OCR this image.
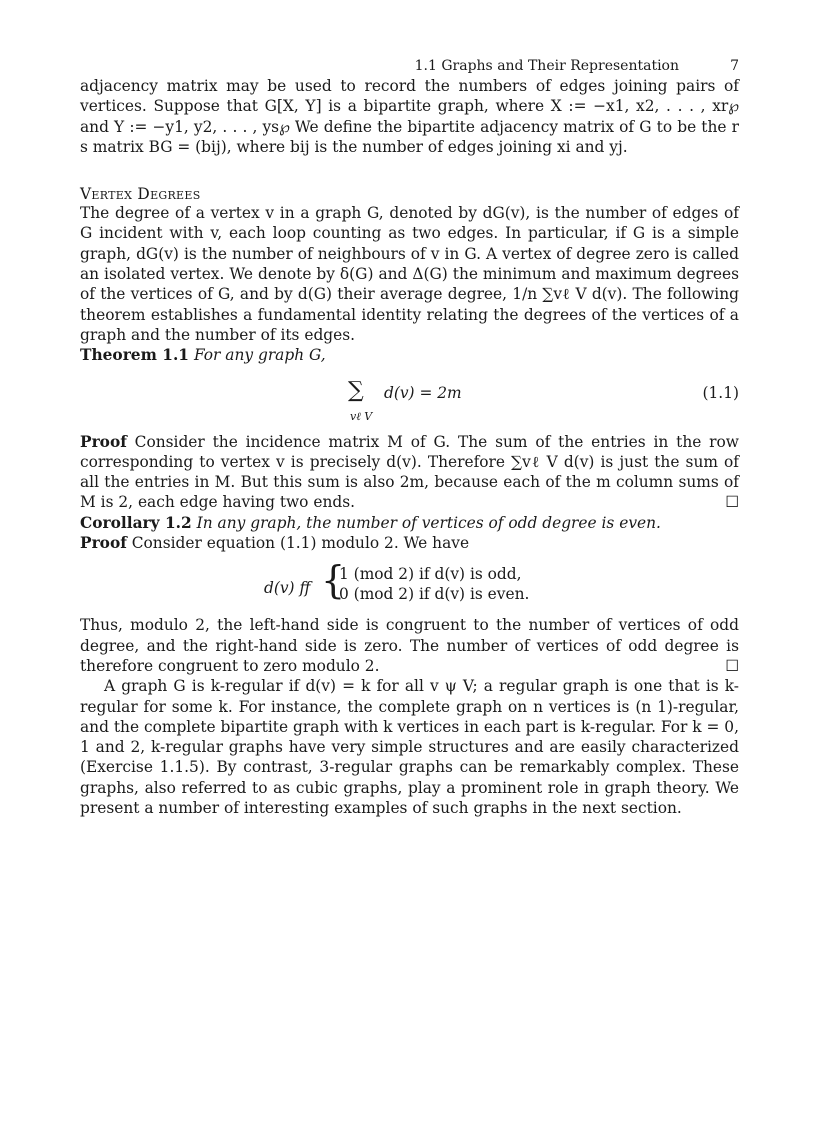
1.1 Graphs and Their Representation	7

adjacency matrix may be used to record the numbers of edges joining pairs of vertices. Suppose that G[X, Y] is a bipartite graph, where X := −x1, x2, . . . , xr℘ and Y := −y1, y2, . . . , ys℘ We define the bipartite adjacency matrix of G to be the r s matrix BG = (bij), where bij is the number of edges joining xi and yj.

Vertex Degrees

The degree of a vertex v in a graph G, denoted by dG(v), is the number of edges of G incident with v, each loop counting as two edges. In particular, if G is a simple graph, dG(v) is the number of neighbours of v in G. A vertex of degree zero is called an isolated vertex. We denote by δ(G) and Δ(G) the minimum and maximum degrees of the vertices of G, and by d(G) their average degree, 1/n ∑vℓ V d(v). The following theorem establishes a fundamental identity relating the degrees of the vertices of a graph and the number of its edges.

Theorem 1.1 For any graph G,

∑
vℓ V
d(v) = 2m	(1.1)

Proof Consider the incidence matrix M of G. The sum of the entries in the row corresponding to vertex v is precisely d(v). Therefore ∑vℓ V d(v) is just the sum of all the entries in M. But this sum is also 2m, because each of the m column sums of M is 2, each edge having two ends.	☐

Corollary 1.2 In any graph, the number of vertices of odd degree is even.

Proof Consider equation (1.1) modulo 2. We have

d(v) ff {
1 (mod 2) if d(v) is odd,
0 (mod 2) if d(v) is even.

Thus, modulo 2, the left-hand side is congruent to the number of vertices of odd degree, and the right-hand side is zero. The number of vertices of odd degree is therefore congruent to zero modulo 2.	☐

A graph G is k-regular if d(v) = k for all v ψ V; a regular graph is one that is k-regular for some k. For instance, the complete graph on n vertices is (n 1)-regular, and the complete bipartite graph with k vertices in each part is k-regular. For k = 0, 1 and 2, k-regular graphs have very simple structures and are easily characterized (Exercise 1.1.5). By contrast, 3-regular graphs can be remarkably complex. These graphs, also referred to as cubic graphs, play a prominent role in graph theory. We present a number of interesting examples of such graphs in the next section.
